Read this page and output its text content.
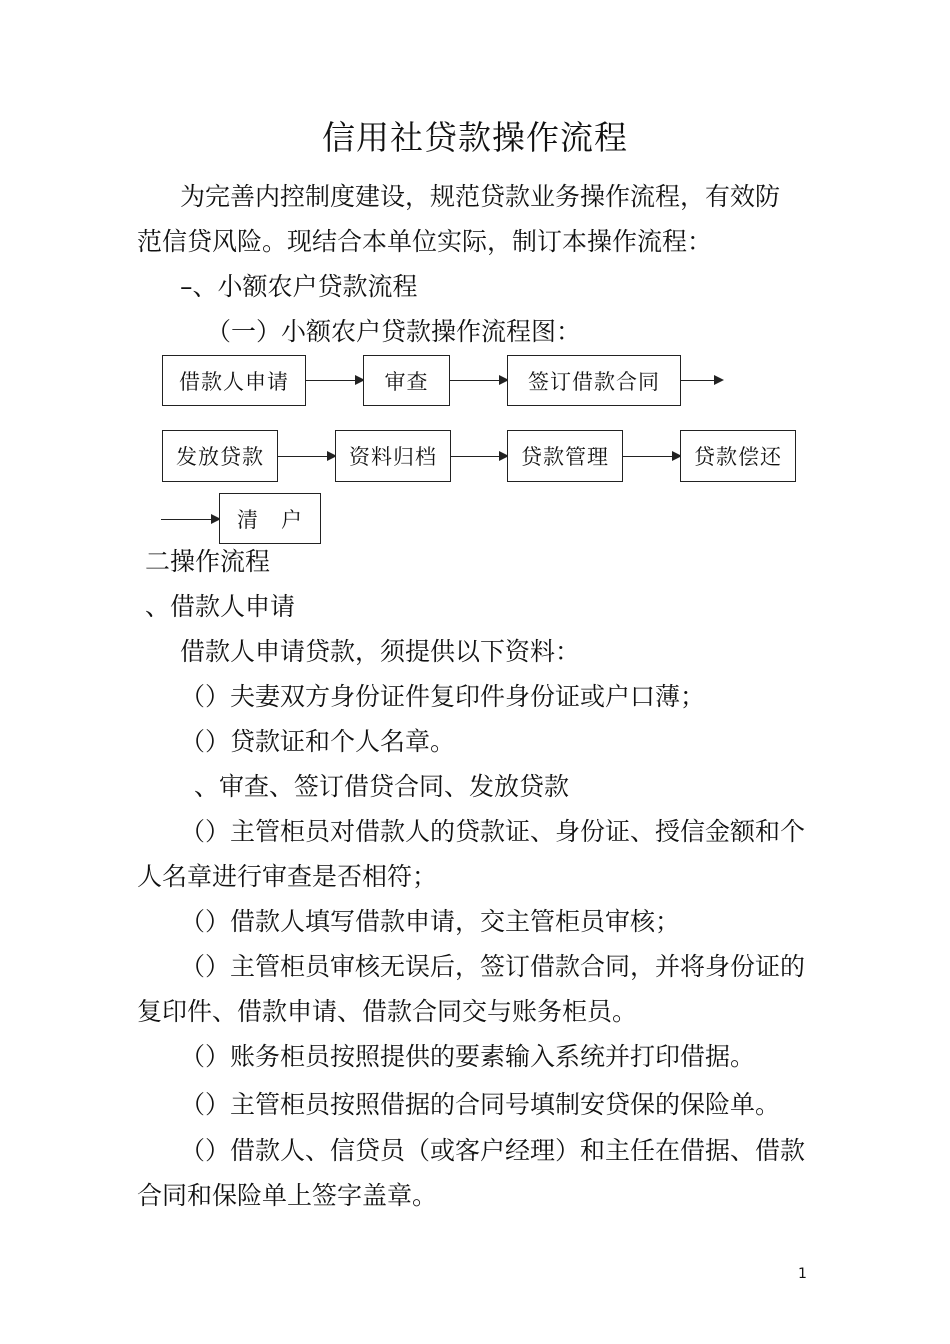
信用社贷款操作流程
为完善内控制度建设，规范贷款业务操作流程，有效防
范信贷风险。现结合本单位实际，制订本操作流程：
–、小额农户贷款流程
（一）小额农户贷款操作流程图：
借款人申请	审查	签订借款合同
发放贷款	资料归档	贷款管理	贷款偿还
清　户
二操作流程
、借款人申请
借款人申请贷款，须提供以下资料：
（）夫妻双方身份证件复印件身份证或户口薄；
（）贷款证和个人名章。
、审查、签订借贷合同、发放贷款
（）主管柜员对借款人的贷款证、身份证、授信金额和个
人名章进行审查是否相符；
（）借款人填写借款申请，交主管柜员审核；
（）主管柜员审核无误后，签订借款合同，并将身份证的
复印件、借款申请、借款合同交与账务柜员。
（）账务柜员按照提供的要素输入系统并打印借据。
（）主管柜员按照借据的合同号填制安贷保的保险单。
（）借款人、信贷员（或客户经理）和主任在借据、借款
合同和保险单上签字盖章。
1
